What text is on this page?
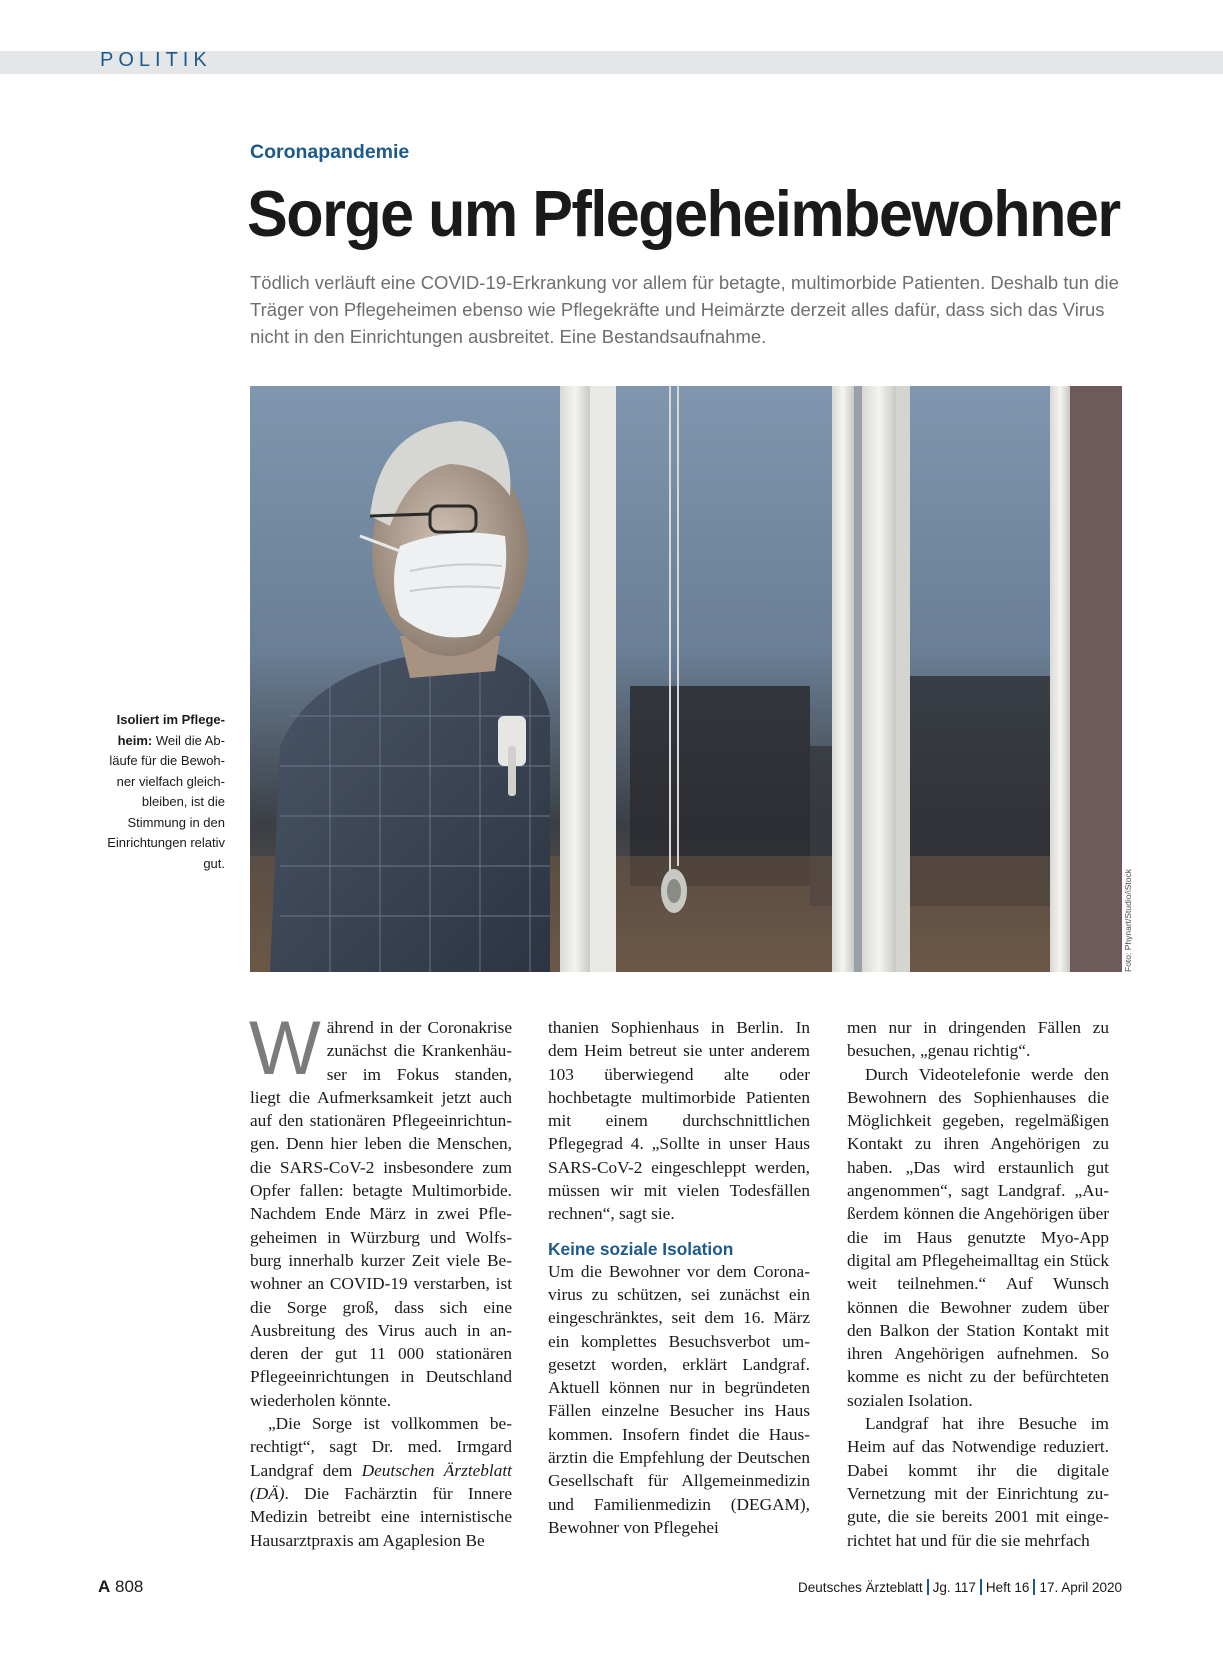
POLITIK
Coronapandemie
Sorge um Pflegeheimbewohner

Tödlich verläuft eine COVID-19-Erkrankung vor allem für betagte, multimorbide Patienten. Deshalb tun die Träger von Pflegeheimen ebenso wie Pflegekräfte und Heimärzte derzeit alles dafür, dass sich das Virus nicht in den Einrichtungen ausbreitet. Eine Bestandsaufnahme.

Isoliert im Pflegeheim: Weil die Abläufe für die Bewohner vielfach gleichbleiben, ist die Stimmung in den Einrichtungen relativ gut.
Foto: Phynart/Studio/iStock
W ährend in der Coronakrise zunächst die Krankenhäuser im Fokus standen, liegt die Aufmerksamkeit jetzt auch auf den stationären Pflegeeinrichtungen. Denn hier leben die Menschen, die SARS-CoV-2 insbesondere zum Opfer fallen: betagte Multimorbide. Nachdem Ende März in zwei Pflegeheimen in Würzburg und Wolfsburg innerhalb kurzer Zeit viele Bewohner an COVID-19 verstarben, ist die Sorge groß, dass sich eine Ausbreitung des Virus auch in anderen der gut 11 000 stationären Pflegeeinrichtungen in Deutschland wiederholen könnte.

„Die Sorge ist vollkommen berechtigt“, sagt Dr. med. Irmgard Landgraf dem Deutschen Ärzteblatt (DÄ). Die Fachärztin für Innere Medizin betreibt eine internistische Hausarztpraxis am Agaplesion Be

thanien Sophienhaus in Berlin. In dem Heim betreut sie unter anderem 103 überwiegend alte oder hochbetagte multimorbide Patienten mit einem durchschnittlichen Pflegegrad 4. „Sollte in unser Haus SARS-CoV-2 eingeschleppt werden, müssen wir mit vielen Todesfällen rechnen“, sagt sie.

Keine soziale Isolation

Um die Bewohner vor dem Coronavirus zu schützen, sei zunächst ein eingeschränktes, seit dem 16. März ein komplettes Besuchsverbot umgesetzt worden, erklärt Landgraf. Aktuell können nur in begründeten Fällen einzelne Besucher ins Haus kommen. Insofern findet die Hausärztin die Empfehlung der Deutschen Gesellschaft für Allgemeinmedizin und Familienmedizin (DEGAM), Bewohner von Pflegehei

men nur in dringenden Fällen zu besuchen, „genau richtig“.

Durch Videotelefonie werde den Bewohnern des Sophienhauses die Möglichkeit gegeben, regelmäßigen Kontakt zu ihren Angehörigen zu haben. „Das wird erstaunlich gut angenommen“, sagt Landgraf. „Außerdem können die Angehörigen über die im Haus genutzte Myo-App digital am Pflegeheimalltag ein Stück weit teilnehmen.“ Auf Wunsch können die Bewohner zudem über den Balkon der Station Kontakt mit ihren Angehörigen aufnehmen. So komme es nicht zu der befürchteten sozialen Isolation.

Landgraf hat ihre Besuche im Heim auf das Notwendige reduziert. Dabei kommt ihr die digitale Vernetzung mit der Einrichtung zugute, die sie bereits 2001 mit eingerichtet hat und für die sie mehrfach

A 808	Deutsches Ärzteblatt Jg. 117 Heft 16 17. April 2020
